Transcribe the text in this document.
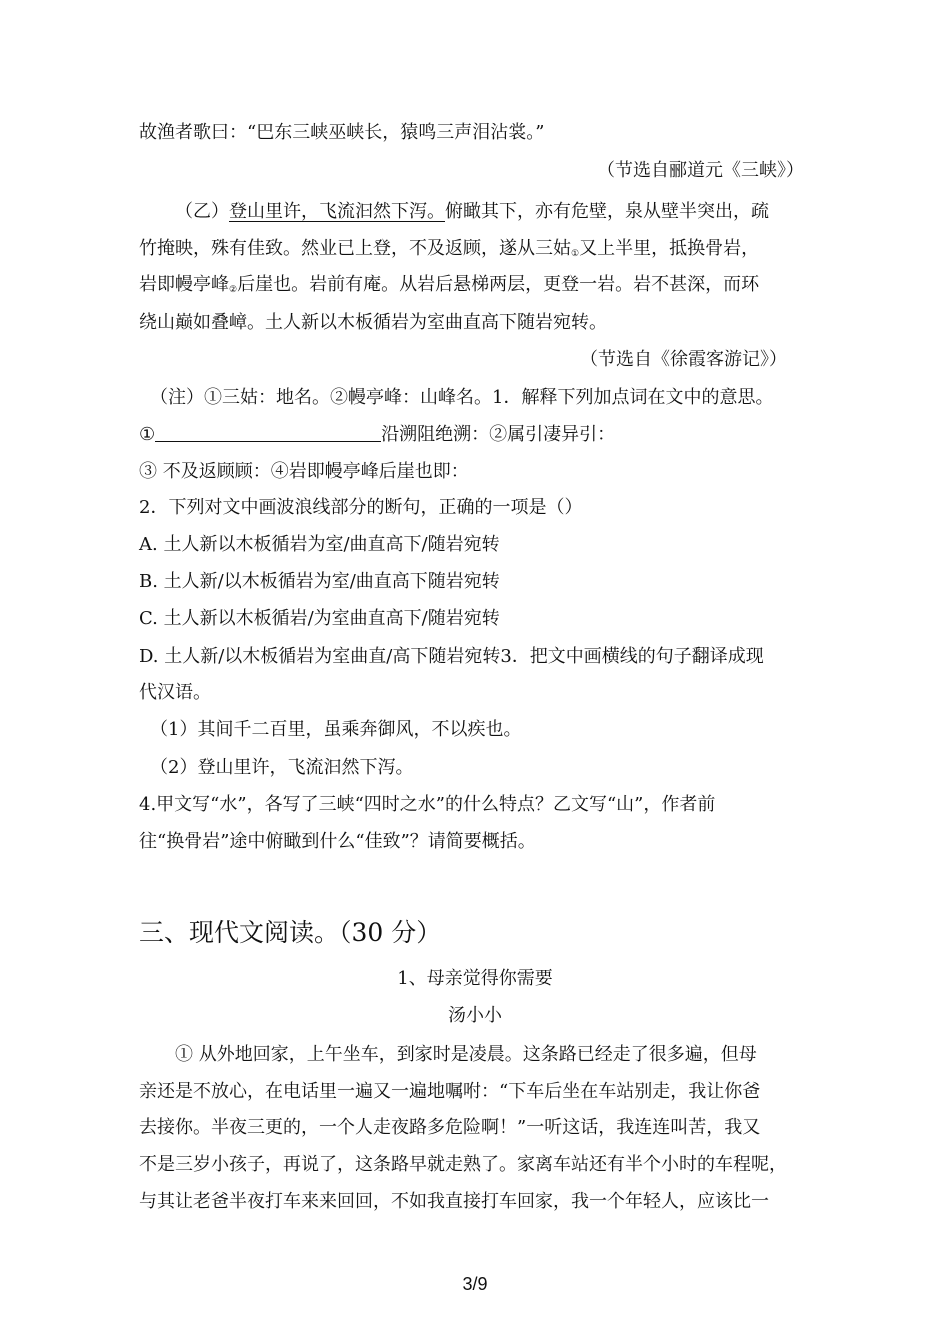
故渔者歌曰：“巴东三峡巫峡长，猿鸣三声泪沾裳。”
（节选自郦道元《三峡》）
（乙）登山里许，飞流汩然下泻。俯瞰其下，亦有危壁，泉从壁半突出，疏
竹掩映，殊有佳致。然业已上登，不及返顾，遂从三姑$_①$又上半里，抵换骨岩，
岩即幔亭峰$_②$后崖也。岩前有庵。从岩后悬梯两层，更登一岩。岩不甚深，而环
绕山巅如叠嶂。土人新以木板循岩为室曲直高下随岩宛转。
（节选自《徐霞客游记》）
（注）①三姑：地名。②幔亭峰：山峰名。1．解释下列加点词在文中的意思。
①	沿溯阻绝溯：②属引凄异引：
③ 不及返顾顾：④岩即幔亭峰后崖也即：
2．下列对文中画波浪线部分的断句，正确的一项是（）
A. 土人新以木板循岩为室/曲直高下/随岩宛转
B. 土人新/以木板循岩为室/曲直高下随岩宛转
C. 土人新以木板循岩/为室曲直高下/随岩宛转
D. 土人新/以木板循岩为室曲直/高下随岩宛转3．把文中画横线的句子翻译成现
代汉语。
（1）其间千二百里，虽乘奔御风，不以疾也。
（2）登山里许，飞流汩然下泻。
4.甲文写“水”，各写了三峡“四时之水”的什么特点？乙文写“山”，作者前
往“换骨岩”途中俯瞰到什么“佳致”？请简要概括。
三、现代文阅读。（30 分）
1、母亲觉得你需要
汤小小
① 从外地回家，上午坐车，到家时是凌晨。这条路已经走了很多遍，但母
亲还是不放心，在电话里一遍又一遍地嘱咐：“下车后坐在车站别走，我让你爸
去接你。半夜三更的，一个人走夜路多危险啊！”一听这话，我连连叫苦，我又
不是三岁小孩子，再说了，这条路早就走熟了。家离车站还有半个小时的车程呢，
与其让老爸半夜打车来来回回，不如我直接打车回家，我一个年轻人，应该比一
3/9
